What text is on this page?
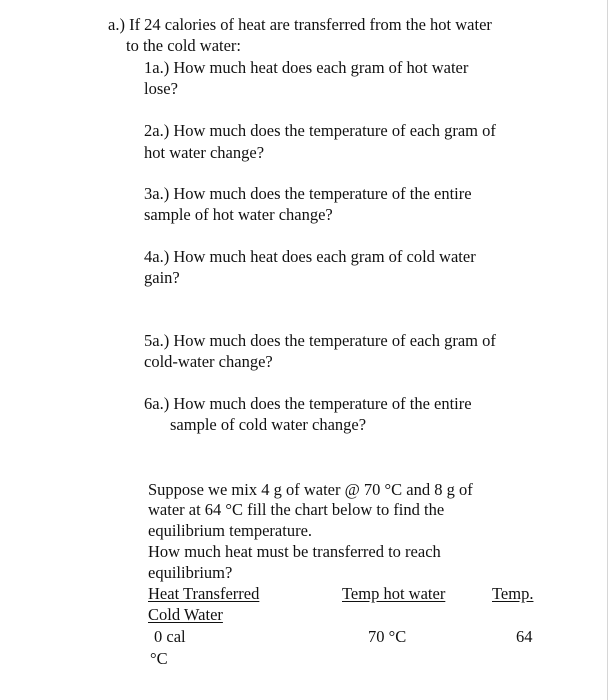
a.) If 24 calories of heat are transferred from the hot water

to the cold water:

1a.) How much heat does each gram of hot water

lose?

2a.) How much does the temperature of each gram of

hot water change?

3a.) How much does the temperature of the entire

sample of hot water change?

4a.) How much heat does each gram of cold water

gain?

5a.) How much does the temperature of each gram of

cold-water change?

6a.) How much does the temperature of the entire

sample of cold water change?

Suppose we mix 4 g of water @ 70 °C and 8 g of

water at 64 °C fill the chart below to find the

equilibrium temperature.

How much heat must be transferred to reach

equilibrium?

Heat Transferred	Temp hot water	Temp.

Cold Water

0 cal	70 °C	64

°C
